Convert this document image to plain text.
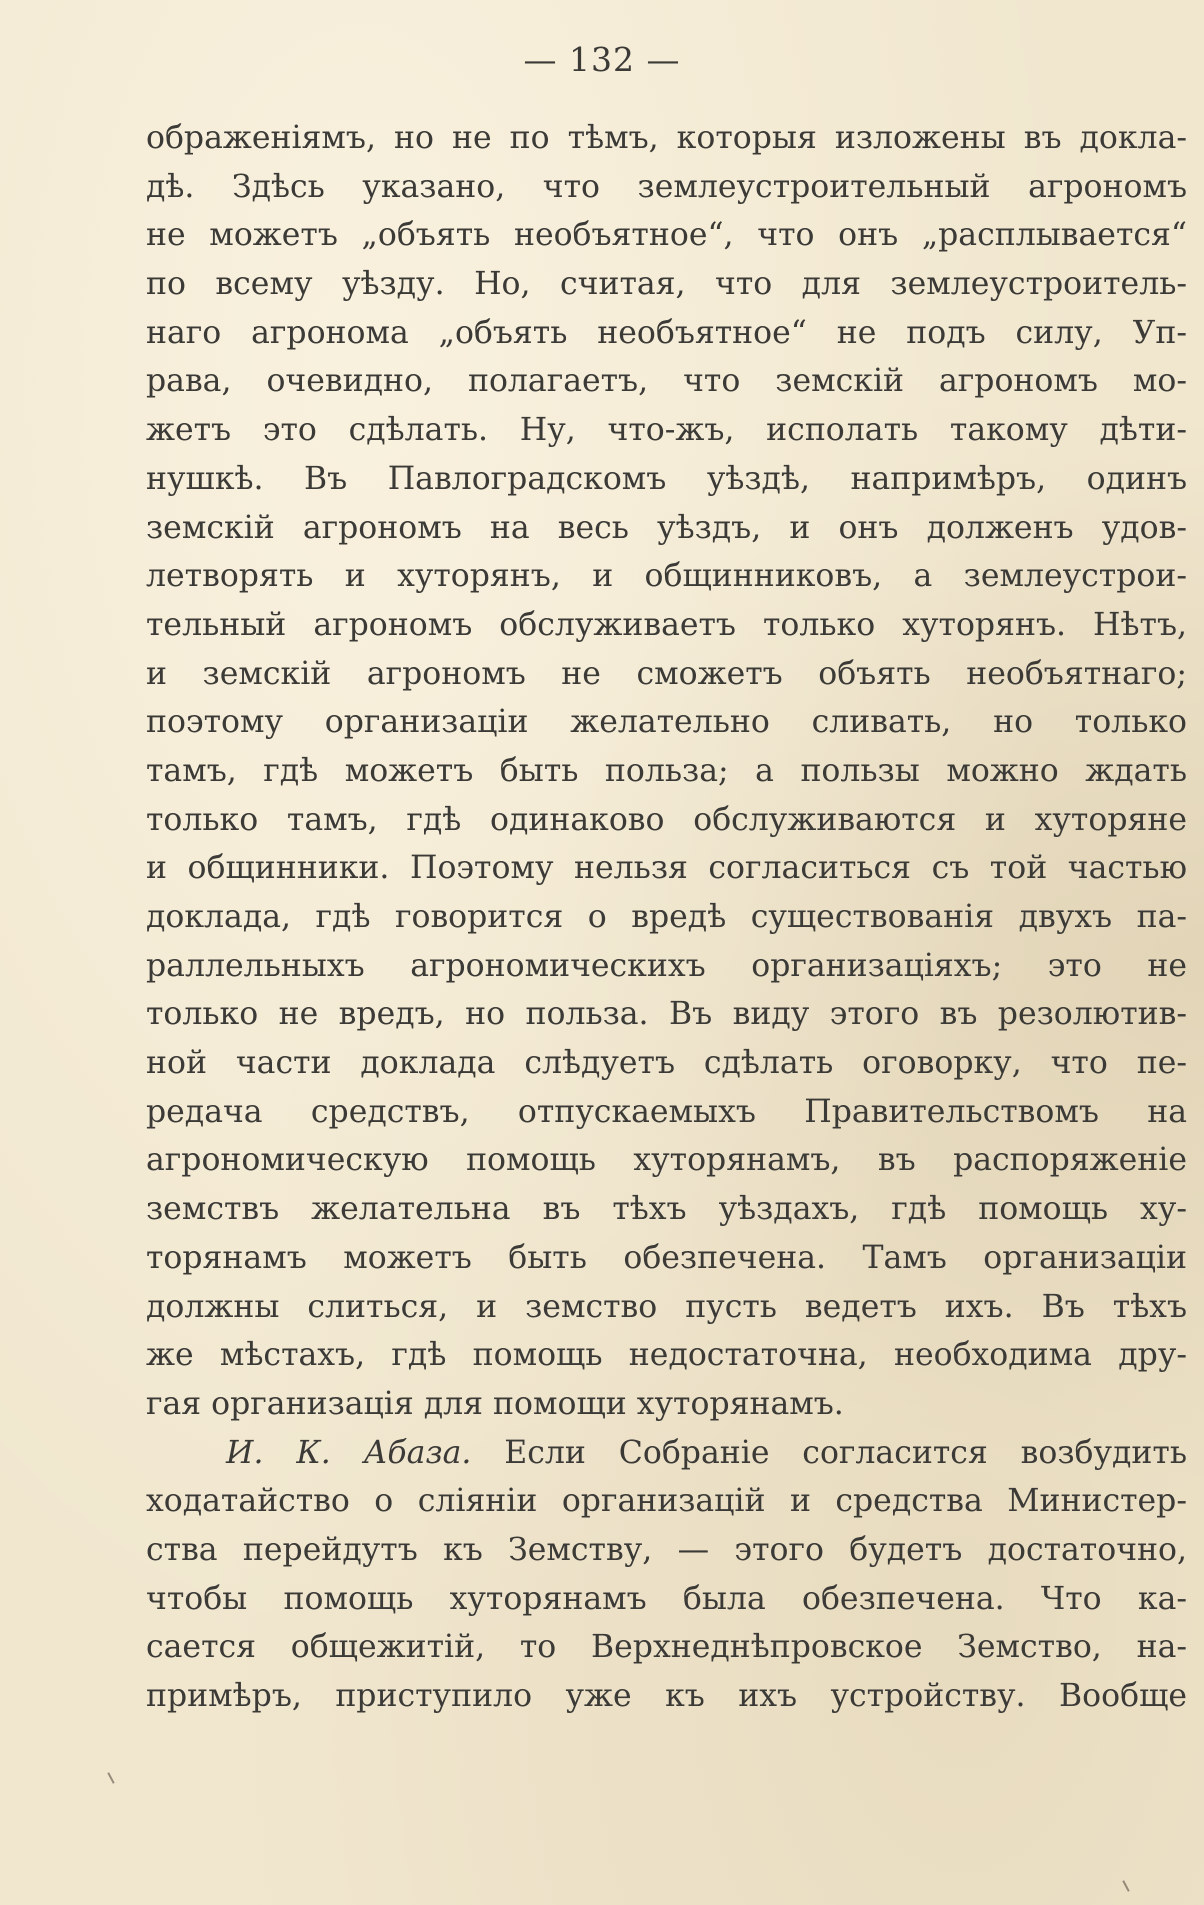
— 132 —
ображеніямъ, но не по тѣмъ, которыя изложены въ докла-
дѣ. Здѣсь указано, что землеустроительный агрономъ
не можетъ „объять необъятное“, что онъ „расплывается“
по всему уѣзду. Но, считая, что для землеустроитель-
наго агронома „объять необъятное“ не подъ силу, Уп-
рава, очевидно, полагаетъ, что земскій агрономъ мо-
жетъ это сдѣлать. Ну, что-жъ, исполать такому дѣти-
нушкѣ. Въ Павлоградскомъ уѣздѣ, напримѣръ, одинъ
земскій агрономъ на весь уѣздъ, и онъ долженъ удов-
летворять и хуторянъ, и общинниковъ, а землеустрои-
тельный агрономъ обслуживаетъ только хуторянъ. Нѣтъ,
и земскій агрономъ не сможетъ объять необъятнаго;
поэтому организаціи желательно сливать, но только
тамъ, гдѣ можетъ быть польза; а пользы можно ждать
только тамъ, гдѣ одинаково обслуживаются и хуторяне
и общинники. Поэтому нельзя согласиться съ той частью
доклада, гдѣ говорится о вредѣ существованія двухъ па-
раллельныхъ агрономическихъ организаціяхъ; это не
только не вредъ, но польза. Въ виду этого въ резолютив-
ной части доклада слѣдуетъ сдѣлать оговорку, что пе-
редача средствъ, отпускаемыхъ Правительствомъ на
агрономическую помощь хуторянамъ, въ распоряженіе
земствъ желательна въ тѣхъ уѣздахъ, гдѣ помощь ху-
торянамъ можетъ быть обезпечена. Тамъ организаціи
должны слиться, и земство пусть ведетъ ихъ. Въ тѣхъ
же мѣстахъ, гдѣ помощь недостаточна, необходима дру-
гая организація для помощи хуторянамъ.
И. К. Абаза. Если Собраніе согласится возбудить
ходатайство о сліяніи организацій и средства Министер-
ства перейдутъ къ Земству, — этого будетъ достаточно,
чтобы помощь хуторянамъ была обезпечена. Что ка-
сается общежитій, то Верхнеднѣпровское Земство, на-
примѣръ, приступило уже къ ихъ устройству. Вообще
